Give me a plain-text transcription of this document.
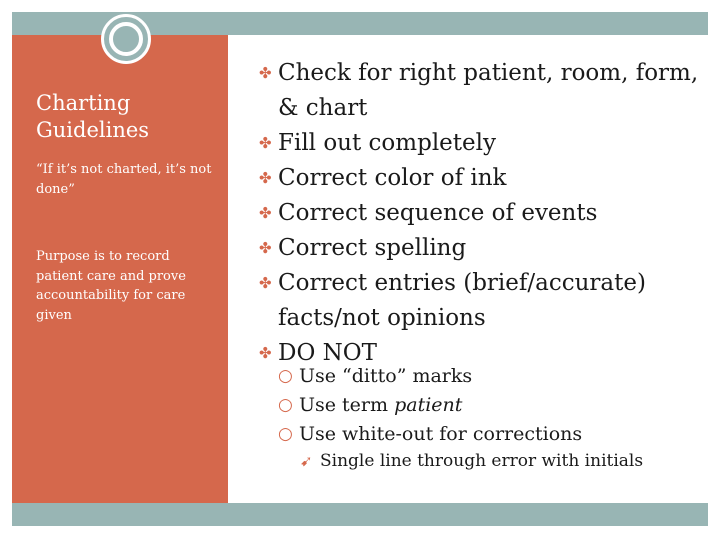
Charting Guidelines
“If it’s not charted, it’s not done”
Purpose is to record patient care and prove accountability for care given
✤ Check for right patient, room, form, & chart
✤ Fill out completely
✤ Correct color of ink
✤ Correct sequence of events
✤ Correct spelling
✤ Correct entries (brief/accurate) facts/not opinions
✤ DO NOT
○ Use “ditto” marks
○ Use term patient
○ Use white-out for corrections
➹ Single line through error with initials
